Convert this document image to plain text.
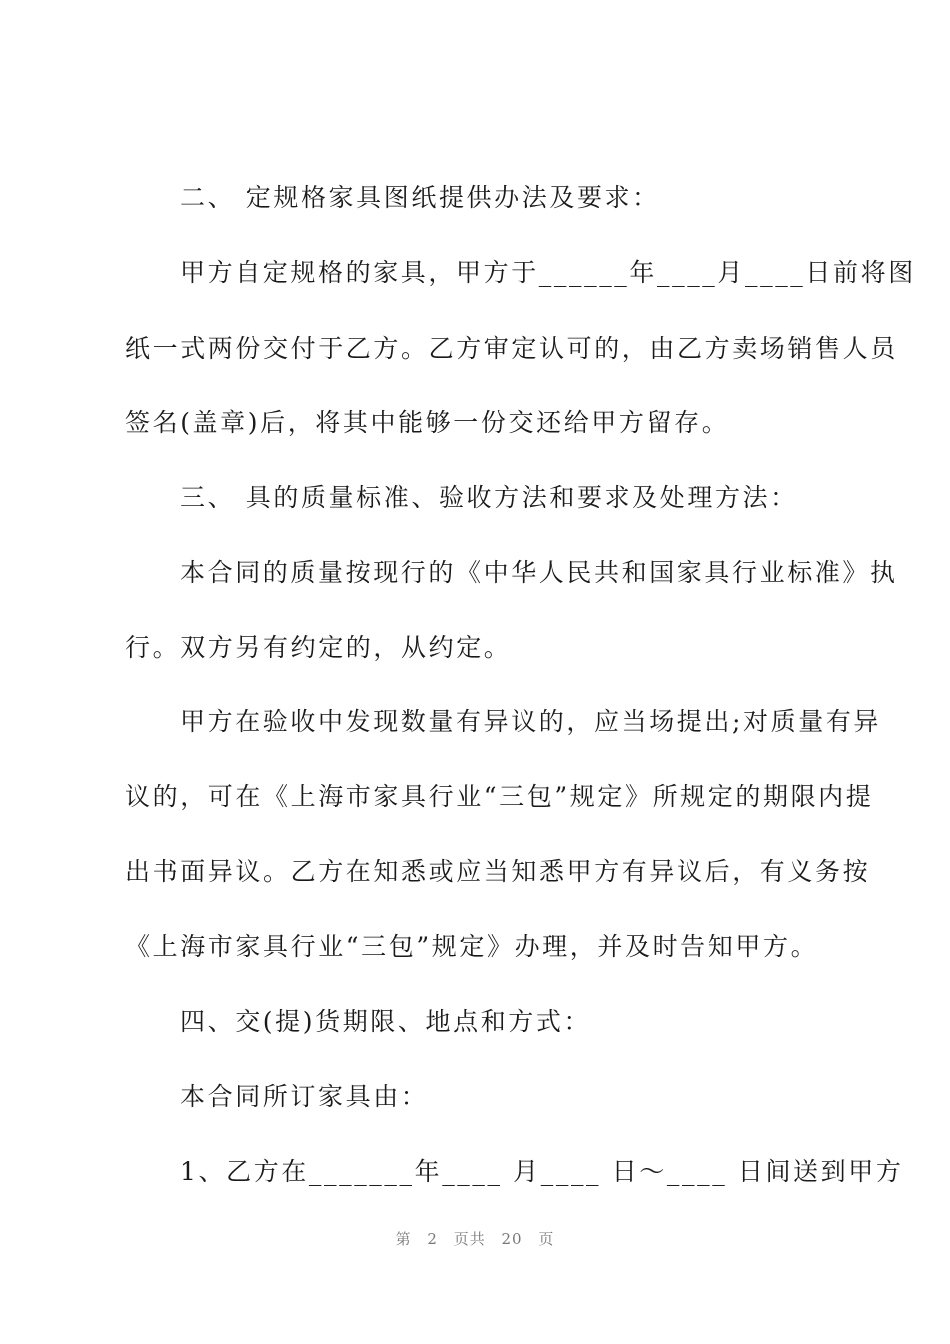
二、 定规格家具图纸提供办法及要求：
甲方自定规格的家具，甲方于______年____月____日前将图
纸一式两份交付于乙方。乙方审定认可的，由乙方卖场销售人员
签名(盖章)后，将其中能够一份交还给甲方留存。
三、 具的质量标准、验收方法和要求及处理方法：
本合同的质量按现行的《中华人民共和国家具行业标准》执
行。双方另有约定的，从约定。
甲方在验收中发现数量有异议的，应当场提出;对质量有异
议的，可在《上海市家具行业“三包”规定》所规定的期限内提
出书面异议。乙方在知悉或应当知悉甲方有异议后，有义务按
《上海市家具行业“三包”规定》办理，并及时告知甲方。
四、交(提)货期限、地点和方式：
本合同所订家具由：
1、乙方在_______年____ 月____ 日～____ 日间送到甲方
第 2 页共 20 页
